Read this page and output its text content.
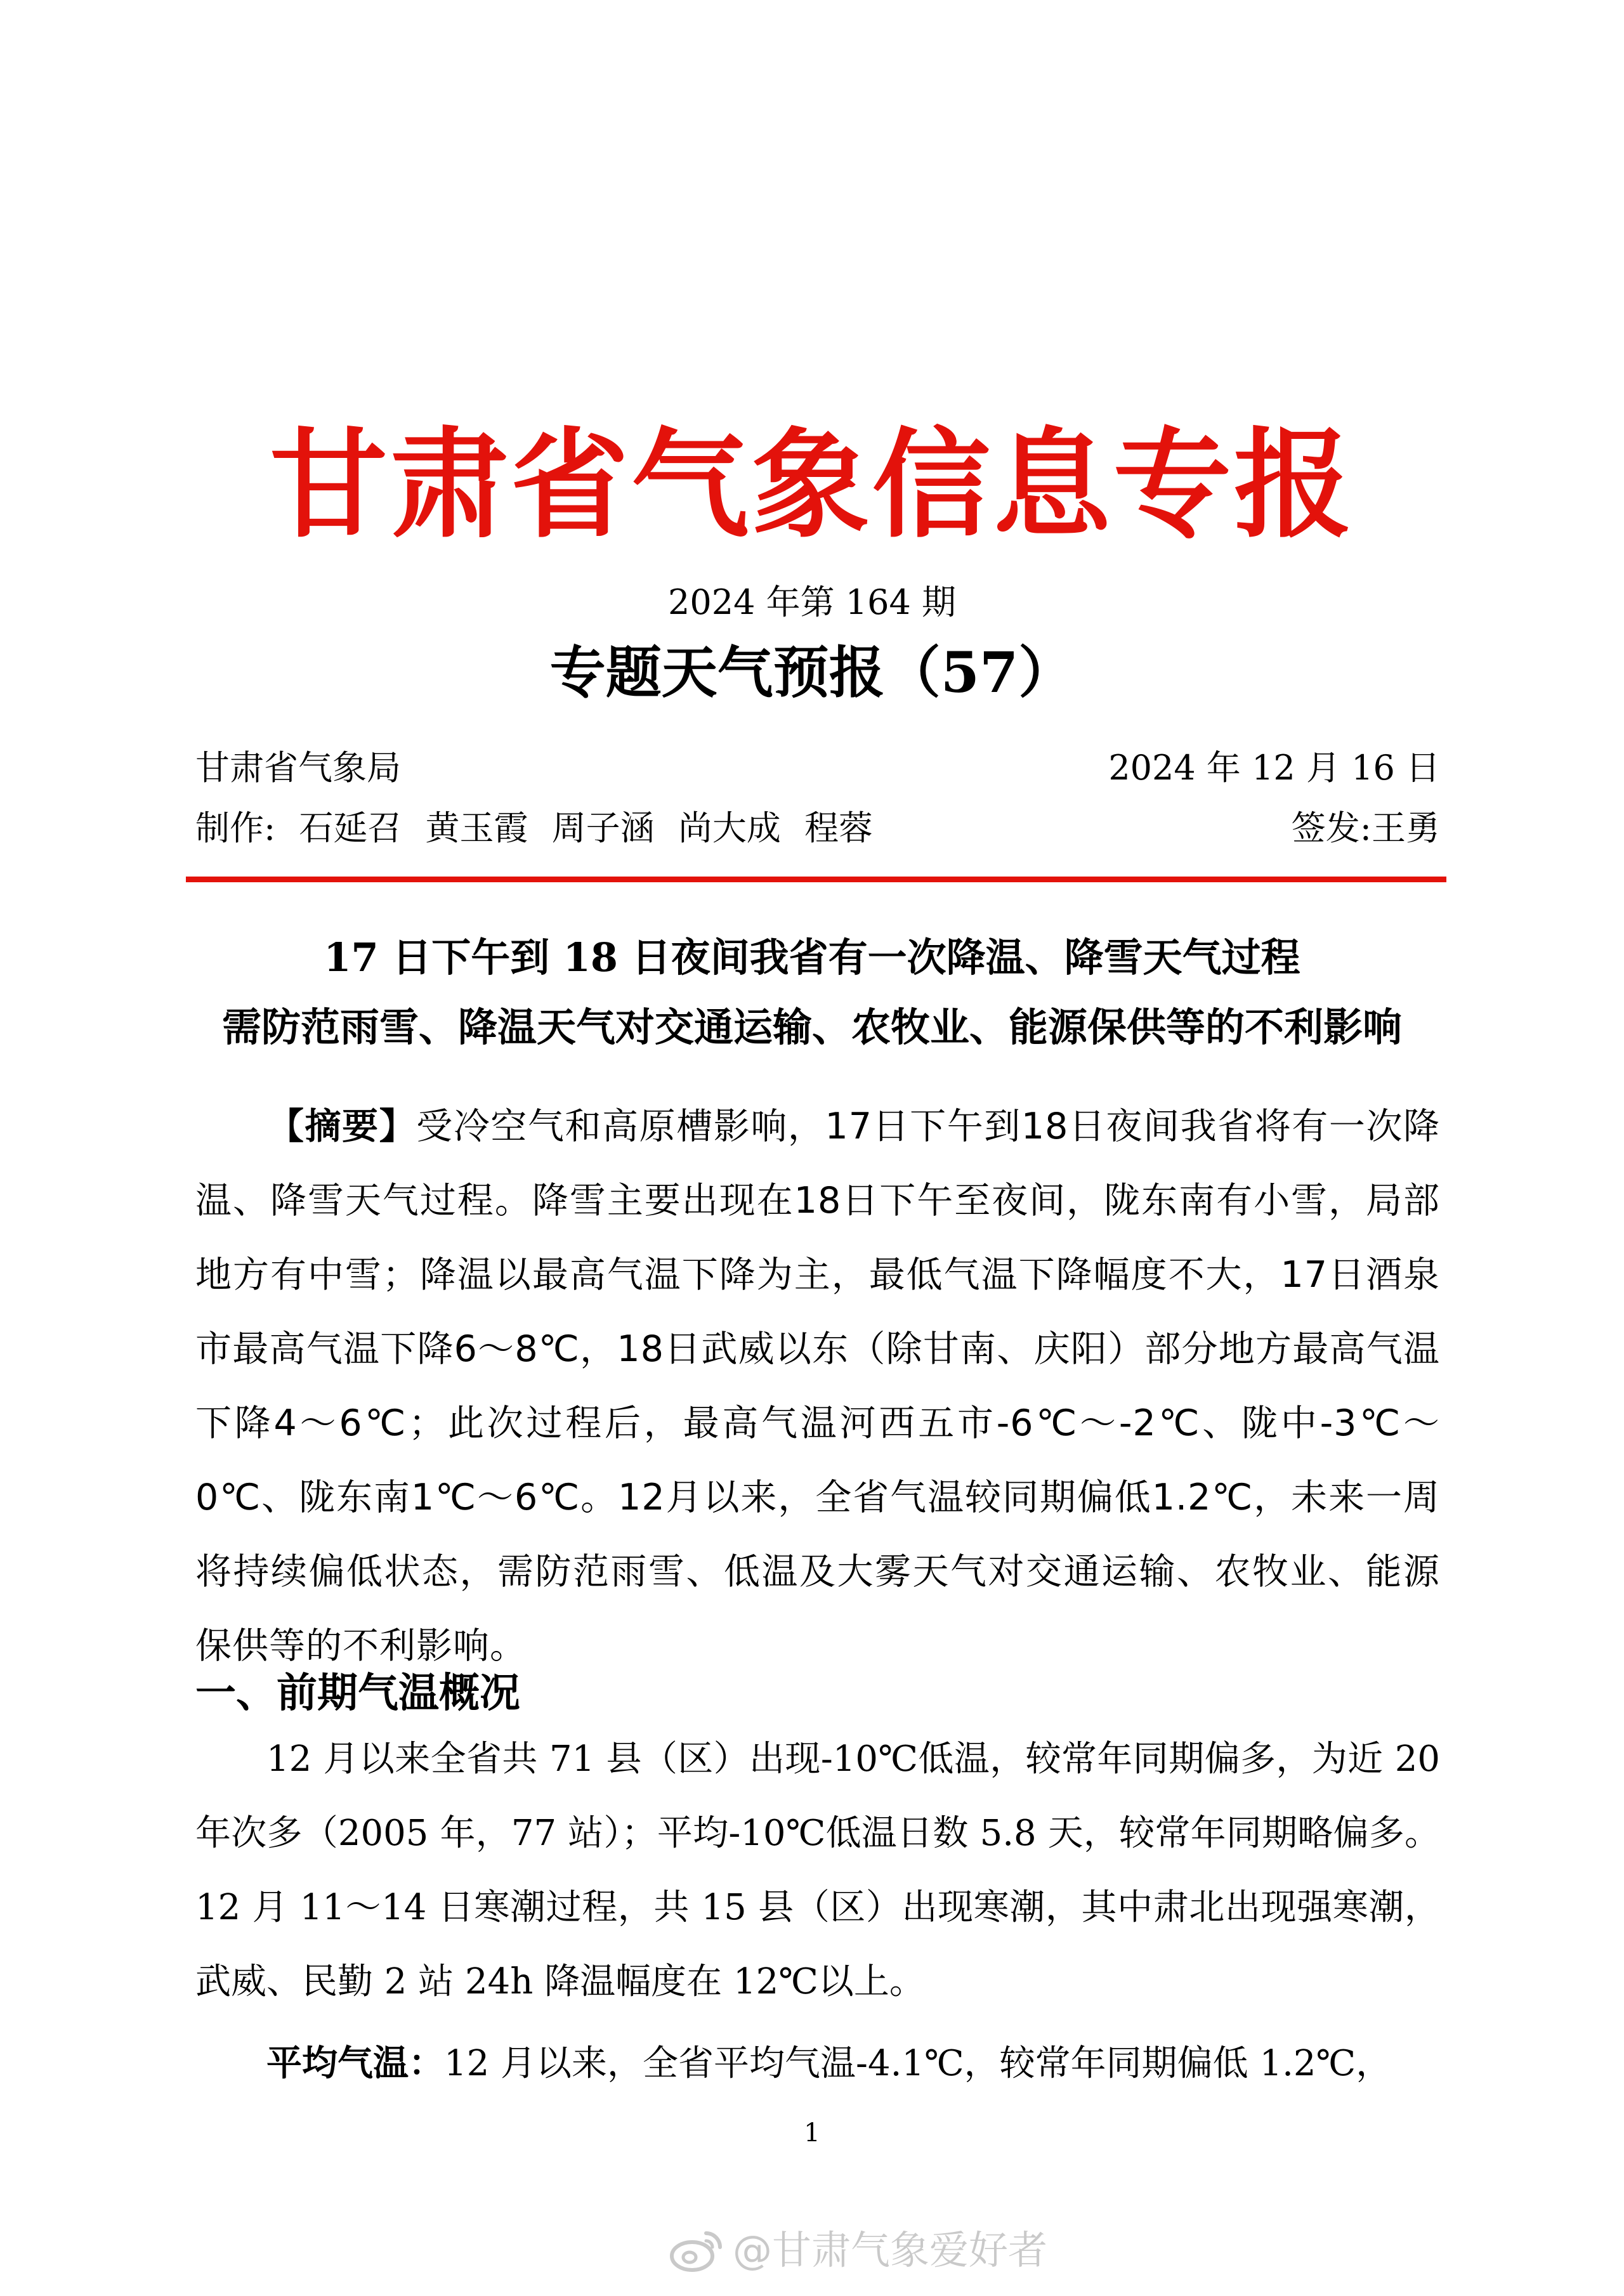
甘肃省气象信息专报
2024 年第 164 期
专题天气预报（57）
甘肃省气象局	2024 年 12 月 16 日
制作: 石延召 黄玉霞 周子涵 尚大成 程蓉	签发:王勇
17 日下午到 18 日夜间我省有一次降温、降雪天气过程
需防范雨雪、降温天气对交通运输、农牧业、能源保供等的不利影响
【摘要】受冷空气和高原槽影响，17日下午到18日夜间我省将有一次降温、降雪天气过程。降雪主要出现在18日下午至夜间，陇东南有小雪，局部地方有中雪；降温以最高气温下降为主，最低气温下降幅度不大，17日酒泉市最高气温下降6～8℃，18日武威以东（除甘南、庆阳）部分地方最高气温下降4～6℃；此次过程后，最高气温河西五市-6℃～-2℃、陇中-3℃～0℃、陇东南1℃～6℃。12月以来，全省气温较同期偏低1.2℃，未来一周将持续偏低状态，需防范雨雪、低温及大雾天气对交通运输、农牧业、能源保供等的不利影响。
一、前期气温概况
12 月以来全省共 71 县（区）出现-10℃低温，较常年同期偏多，为近 20 年次多（2005 年，77 站）；平均-10℃低温日数 5.8 天，较常年同期略偏多。12 月 11～14 日寒潮过程，共 15 县（区）出现寒潮，其中肃北出现强寒潮，武威、民勤 2 站 24h 降温幅度在 12℃以上。
平均气温：12 月以来，全省平均气温-4.1℃，较常年同期偏低 1.2℃，
1
@甘肃气象爱好者
